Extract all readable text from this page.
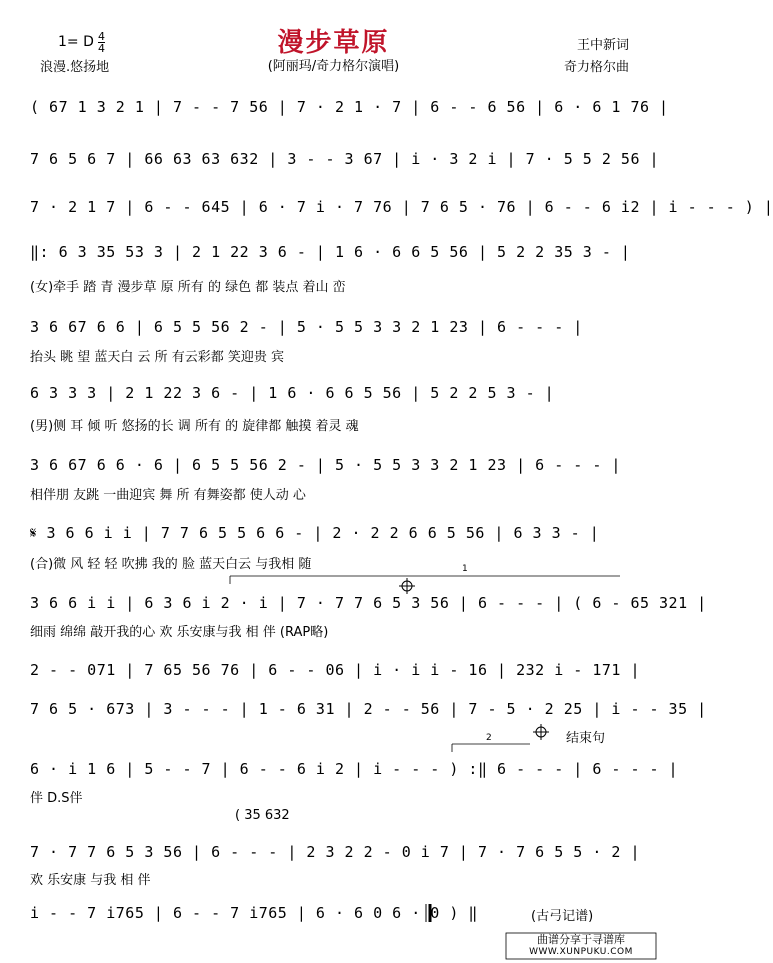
漫步草原
(阿丽玛/奇力格尔演唱)
1= D $\frac{4}{4}$
浪漫.悠扬地
王中新词
奇力格尔曲
( 67 1 3 2 1 | 7 - - 7 56 | 7 · 2 1 · 7 | 6 - - 6 56 | 6 · 6 1 76 |
7 6 5 6 7 | 66 63 63 632 | 3 - - 3 67 | i · 3 2 i | 7 · 5 5 2 56 |
7 · 2 1 7 | 6 - - 645 | 6 · 7 i · 7 76 | 7 6 5 · 76 | 6 - - 6 i2 | i - - - ) |
‖: 6 3 35 53 3 | 2 1 22 3 6 - | 1 6 · 6 6 5 56 | 5 2 2 35 3 - |
(女)牵手 踏 青 漫步草 原 所有 的 绿色 都 装点 着山 峦
3 6 67 6 6 | 6 5 5 56 2 - | 5 · 5 5 3 3 2 1 23 | 6 - - - |
抬头 眺 望 蓝天白 云 所 有云彩都 笑迎贵 宾
6 3 3 3 | 2 1 22 3 6 - | 1 6 · 6 6 5 56 | 5 2 2 5 3 - |
(男)侧 耳 倾 听 悠扬的长 调 所有 的 旋律都 触摸 着灵 魂
3 6 67 6 6 · 6 | 6 5 5 56 2 - | 5 · 5 5 3 3 2 1 23 | 6 - - - |
相伴朋 友跳 一曲迎宾 舞 所 有舞姿都 使人动 心
𝄋 3 6 6 i i | 7 7 6 5 5 6 6 - | 2 · 2 2 6 6 5 56 | 6 3 3 - |
(合)微 风 轻 轻 吹拂 我的 脸 蓝天白云 与我相 随
3 6 6 i i | 6 3 6 i 2 · i | 7 · 7 7 6 5 3 56 | 6 - - - | ( 6 - 65 321 |
细雨 绵绵 敲开我的心 欢 乐安康与我 相 伴 (RAP略)
2 - - 071 | 7 65 56 76 | 6 - - 06 | i · i i - 16 | 232 i - 171 |
7 6 5 · 673 | 3 - - - | 1 - 6 31 | 2 - - 56 | 7 - 5 · 2 25 | i - - 35 |
6 · i 1 6 | 5 - - 7 | 6 - - 6 i 2 | i - - - ) :‖ 6 - - - | 6 - - - |
伴 D.S伴
( 35 632
7 · 7 7 6 5 3 56 | 6 - - - | 2 3 2 2 - 0 i 7 | 7 · 7 6 5 5 · 2 |
欢 乐安康 与我 相 伴
i - - 7 i765 | 6 - - 7 i765 | 6 · 6 0 6 · 0 ) ‖
1
2	结束句
(古弓记谱)
曲谱分享于寻谱库
WWW.XUNPUKU.COM
